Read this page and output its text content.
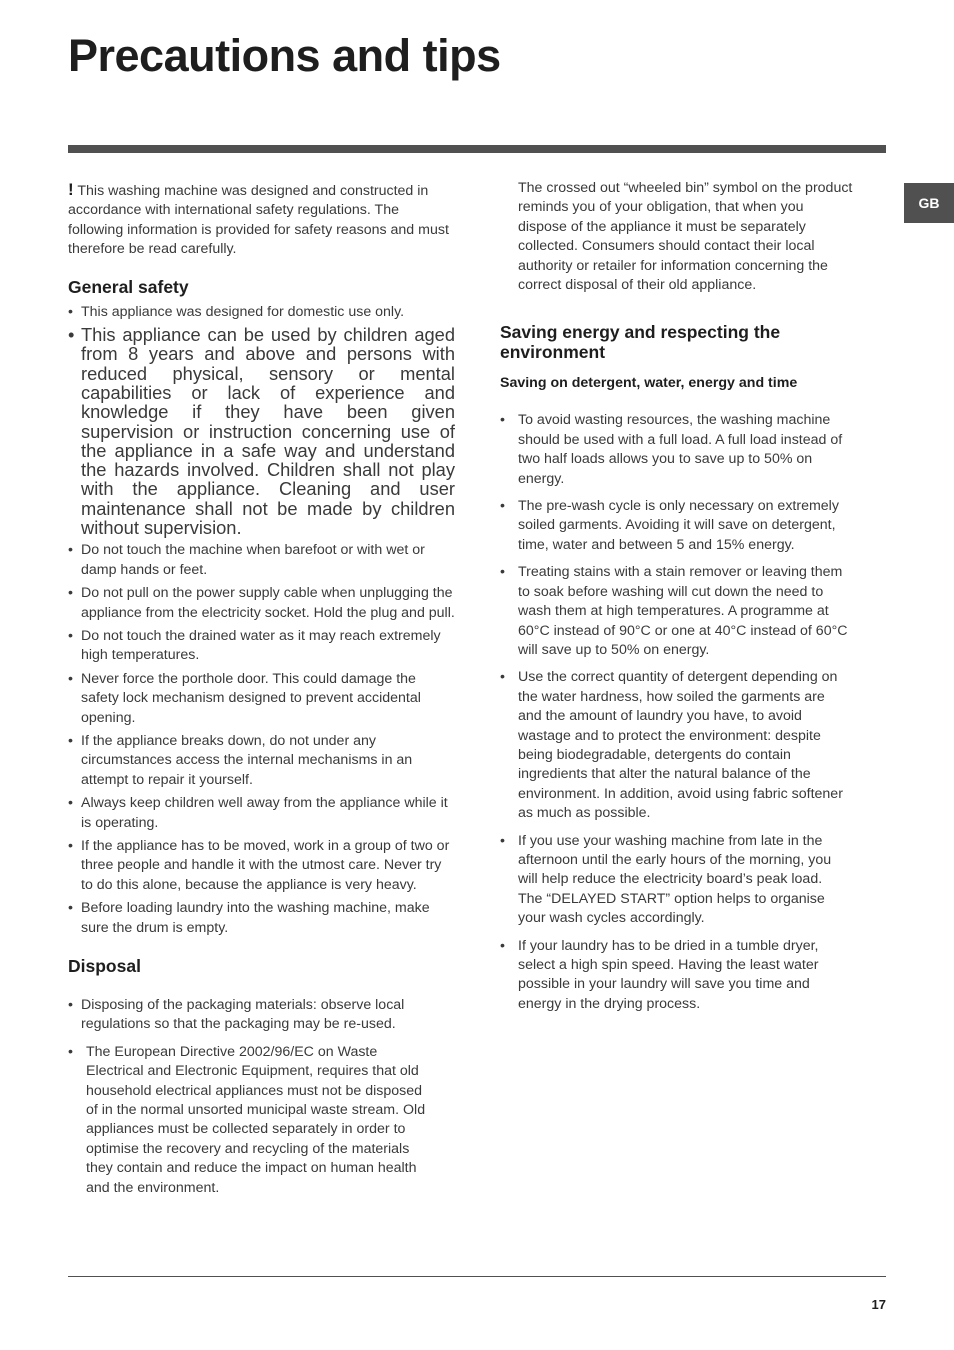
Precautions and tips
GB

! This washing machine was designed and constructed in accordance with international safety regulations. The following information is provided for safety reasons and must therefore be read carefully.

General safety
• This appliance was designed for domestic use only.
• This appliance can be used by children aged from 8 years and above and persons with reduced physical, sensory or mental capabilities or lack of experience and knowledge if they have been given supervision or instruction concerning use of the appliance in a safe way and understand the hazards involved. Children shall not play with the appliance. Cleaning and user maintenance shall not be made by children without supervision.
• Do not touch the machine when barefoot or with wet or damp hands or feet.
• Do not pull on the power supply cable when unplugging the appliance from the electricity socket. Hold the plug and pull.
• Do not touch the drained water as it may reach extremely high temperatures.
• Never force the porthole door. This could damage the safety lock mechanism designed to prevent accidental opening.
• If the appliance breaks down, do not under any circumstances access the internal mechanisms in an attempt to repair it yourself.
• Always keep children well away from the appliance while it is operating.
• If the appliance has to be moved, work in a group of two or three people and handle it with the utmost care. Never try to do this alone, because the appliance is very heavy.
• Before loading laundry into the washing machine, make sure the drum is empty.
Disposal
• Disposing of the packaging materials: observe local regulations so that the packaging may be re-used.
• The European Directive 2002/96/EC on Waste Electrical and Electronic Equipment, requires that old household electrical appliances must not be disposed of in the normal unsorted municipal waste stream. Old appliances must be collected separately in order to optimise the recovery and recycling of the materials they contain and reduce the impact on human health and the environment.

The crossed out “wheeled bin” symbol on the product reminds you of your obligation, that when you dispose of the appliance it must be separately collected. Consumers should contact their local authority or retailer for information concerning the correct disposal of their old appliance.

Saving energy and respecting the environment
Saving on detergent, water, energy and time
• To avoid wasting resources, the washing machine should be used with a full load. A full load instead of two half loads allows you to save up to 50% on energy.
• The pre-wash cycle is only necessary on extremely soiled garments. Avoiding it will save on detergent, time, water and between 5 and 15% energy.
• Treating stains with a stain remover or leaving them to soak before washing will cut down the need to wash them at high temperatures. A programme at 60°C instead of 90°C or one at 40°C instead of 60°C will save up to 50% on energy.
• Use the correct quantity of detergent depending on the water hardness, how soiled the garments are and the amount of laundry you have, to avoid wastage and to protect the environment: despite being biodegradable, detergents do contain ingredients that alter the natural balance of the environment. In addition, avoid using fabric softener as much as possible.
• If you use your washing machine from late in the afternoon until the early hours of the morning, you will help reduce the electricity board’s peak load. The “DELAYED START” option helps to organise your wash cycles accordingly.
• If your laundry has to be dried in a tumble dryer, select a high spin speed. Having the least water possible in your laundry will save you time and energy in the drying process.
17
